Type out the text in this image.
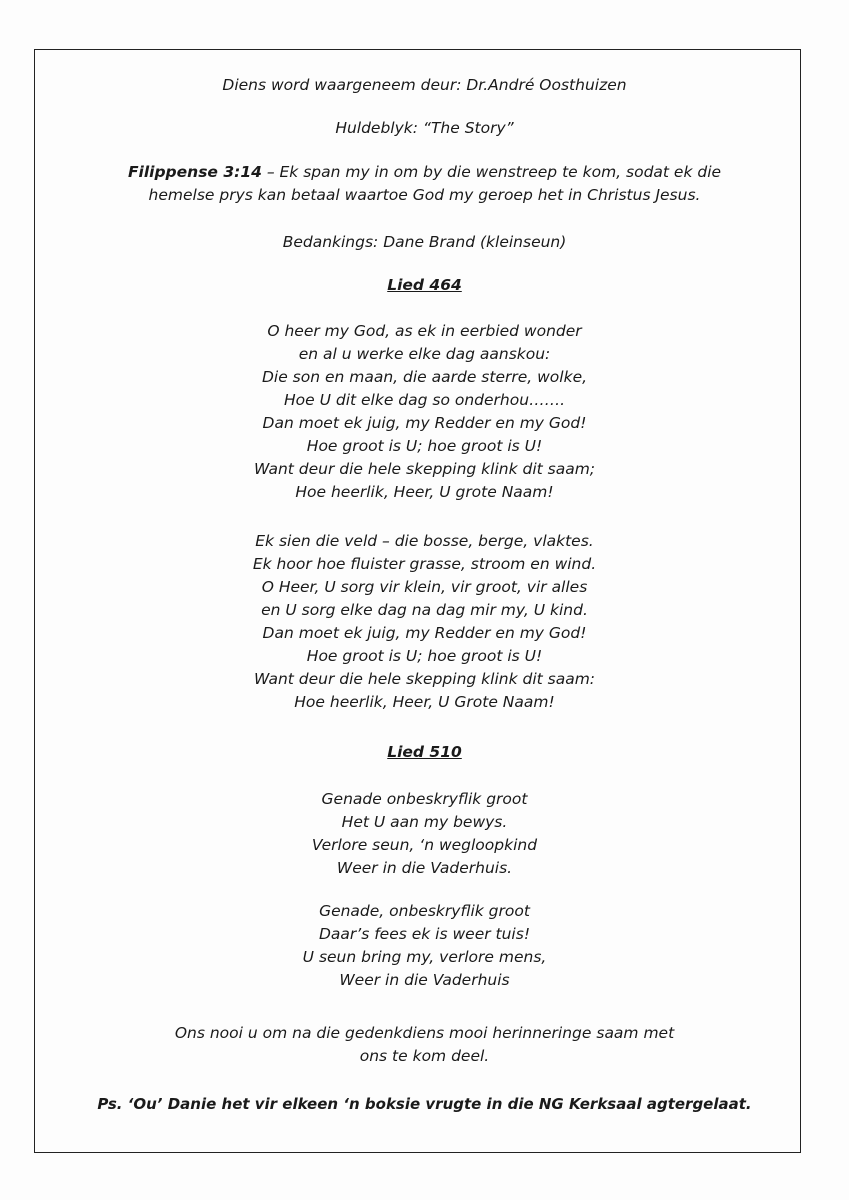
Diens word waargeneem deur: Dr.André Oosthuizen
Huldeblyk: “The Story”
Filippense 3:14 – Ek span my in om by die wenstreep te kom, sodat ek die
hemelse prys kan betaal waartoe God my geroep het in Christus Jesus.
Bedankings: Dane Brand (kleinseun)
Lied 464
O heer my God, as ek in eerbied wonder
en al u werke elke dag aanskou:
Die son en maan, die aarde sterre, wolke,
Hoe U dit elke dag so onderhou…….
Dan moet ek juig, my Redder en my God!
Hoe groot is U; hoe groot is U!
Want deur die hele skepping klink dit saam;
Hoe heerlik, Heer, U grote Naam!
Ek sien die veld – die bosse, berge, vlaktes.
Ek hoor hoe fluister grasse, stroom en wind.
O Heer, U sorg vir klein, vir groot, vir alles
en U sorg elke dag na dag mir my, U kind.
Dan moet ek juig, my Redder en my God!
Hoe groot is U; hoe groot is U!
Want deur die hele skepping klink dit saam:
Hoe heerlik, Heer, U Grote Naam!
Lied 510
Genade onbeskryflik groot
Het U aan my bewys.
Verlore seun, ‘n wegloopkind
Weer in die Vaderhuis.
Genade, onbeskryflik groot
Daar’s fees ek is weer tuis!
U seun bring my, verlore mens,
Weer in die Vaderhuis
Ons nooi u om na die gedenkdiens mooi herinneringe saam met
ons te kom deel.
Ps. ‘Ou’ Danie het vir elkeen ‘n boksie vrugte in die NG Kerksaal agtergelaat.
